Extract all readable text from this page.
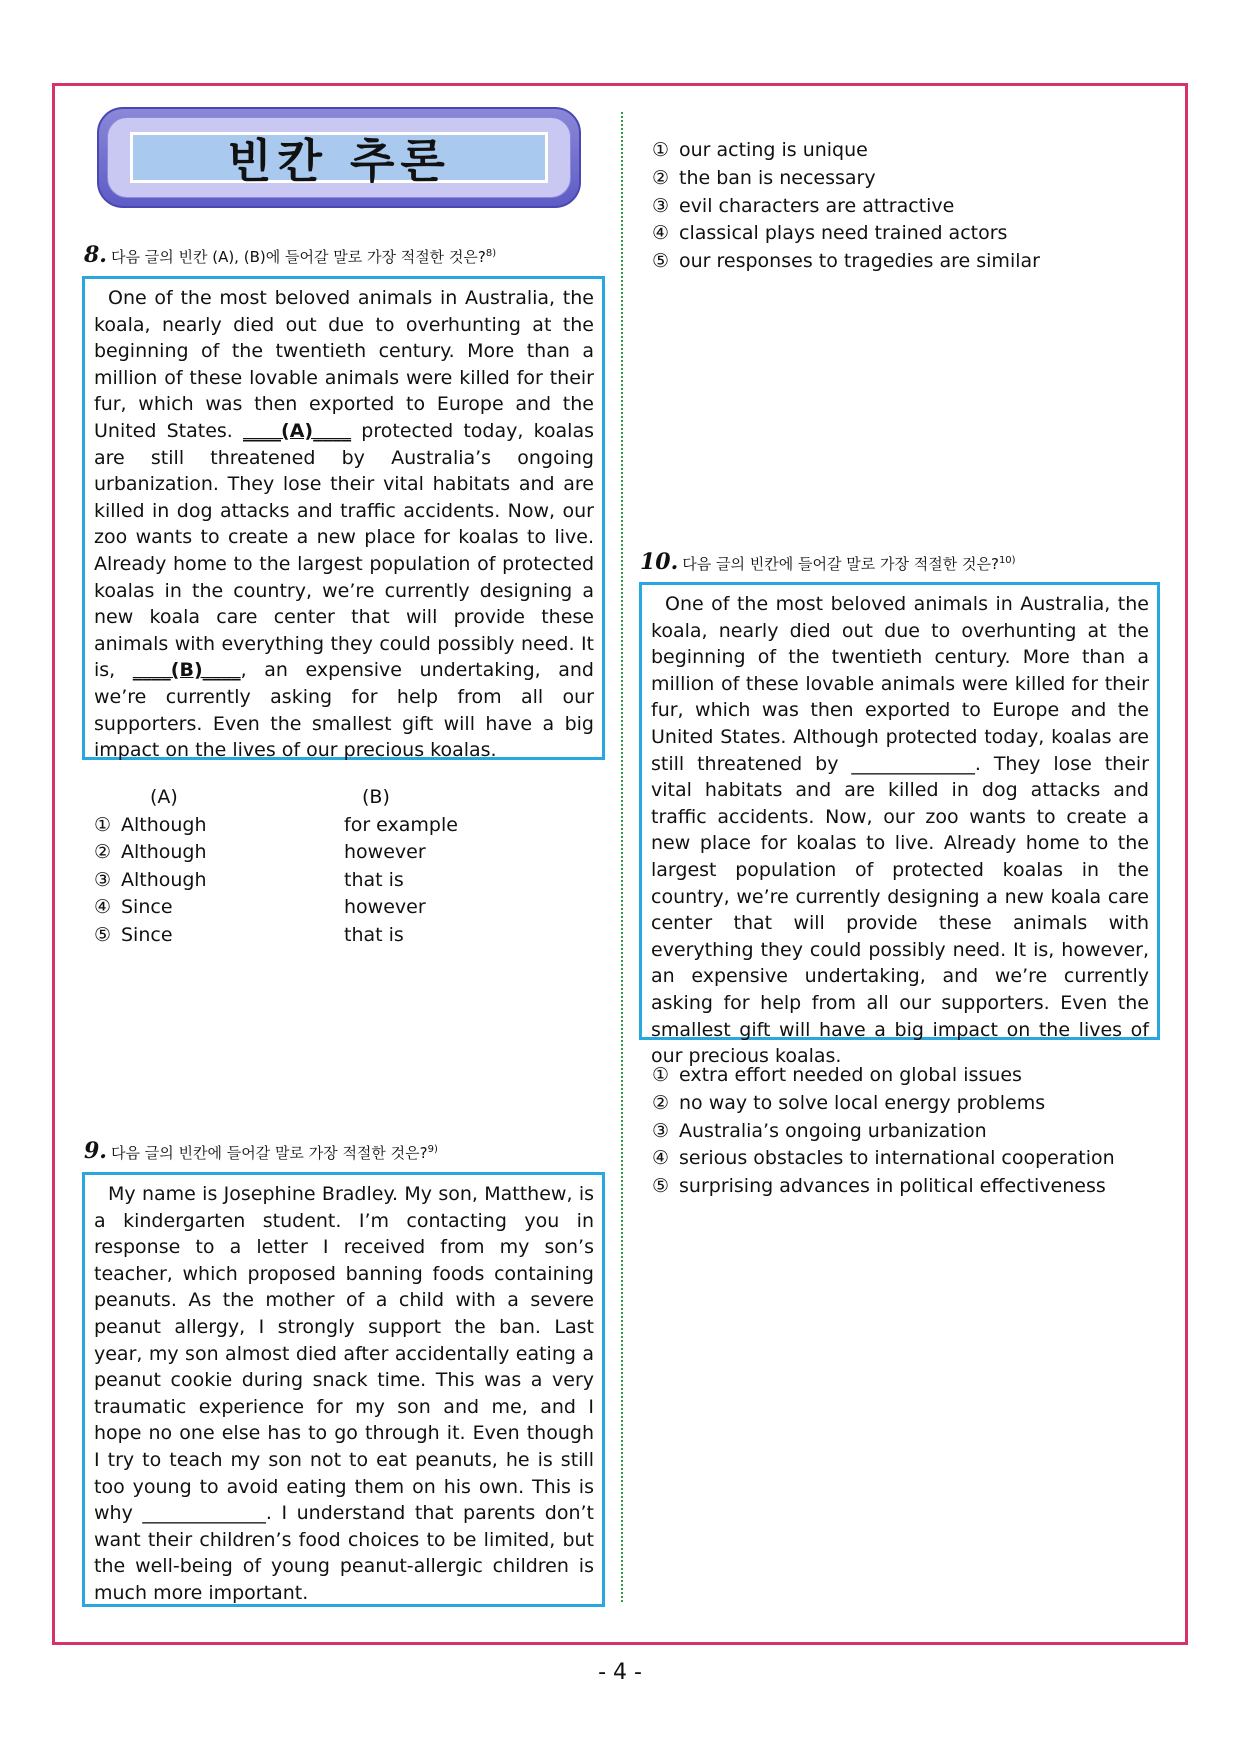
빈칸 추론
8. 다음 글의 빈칸 (A), (B)에 들어갈 말로 가장 적절한 것은?$^{8)}$
One of the most beloved animals in Australia, the koala, nearly died out due to overhunting at the beginning of the twentieth century. More than a million of these lovable animals were killed for their fur, which was then exported to Europe and the United States. ____(A)____ protected today, koalas are still threatened by Australia’s ongoing urbanization. They lose their vital habitats and are killed in dog attacks and traffic accidents. Now, our zoo wants to create a new place for koalas to live. Already home to the largest population of protected koalas in the country, we’re currently designing a new koala care center that will provide these animals with everything they could possibly need. It is, ____(B)____, an expensive undertaking, and we’re currently asking for help from all our supporters. Even the smallest gift will have a big impact on the lives of our precious koalas.
(A)	(B)
① Although	for example
② Although	however
③ Although	that is
④ Since	however
⑤ Since	that is
9. 다음 글의 빈칸에 들어갈 말로 가장 적절한 것은?$^{9)}$
My name is Josephine Bradley. My son, Matthew, is a kindergarten student. I’m contacting you in response to a letter I received from my son’s teacher, which proposed banning foods containing peanuts. As the mother of a child with a severe peanut allergy, I strongly support the ban. Last year, my son almost died after accidentally eating a peanut cookie during snack time. This was a very traumatic experience for my son and me, and I hope no one else has to go through it. Even though I try to teach my son not to eat peanuts, he is still too young to avoid eating them on his own. This is why _____________. I understand that parents don’t want their children’s food choices to be limited, but the well-being of young peanut-allergic children is much more important.
① our acting is unique
② the ban is necessary
③ evil characters are attractive
④ classical plays need trained actors
⑤ our responses to tragedies are similar
10. 다음 글의 빈칸에 들어갈 말로 가장 적절한 것은?$^{10)}$
One of the most beloved animals in Australia, the koala, nearly died out due to overhunting at the beginning of the twentieth century. More than a million of these lovable animals were killed for their fur, which was then exported to Europe and the United States. Although protected today, koalas are still threatened by _____________. They lose their vital habitats and are killed in dog attacks and traffic accidents. Now, our zoo wants to create a new place for koalas to live. Already home to the largest population of protected koalas in the country, we’re currently designing a new koala care center that will provide these animals with everything they could possibly need. It is, however, an expensive undertaking, and we’re currently asking for help from all our supporters. Even the smallest gift will have a big impact on the lives of our precious koalas.
① extra effort needed on global issues
② no way to solve local energy problems
③ Australia’s ongoing urbanization
④ serious obstacles to international cooperation
⑤ surprising advances in political effectiveness
- 4 -
